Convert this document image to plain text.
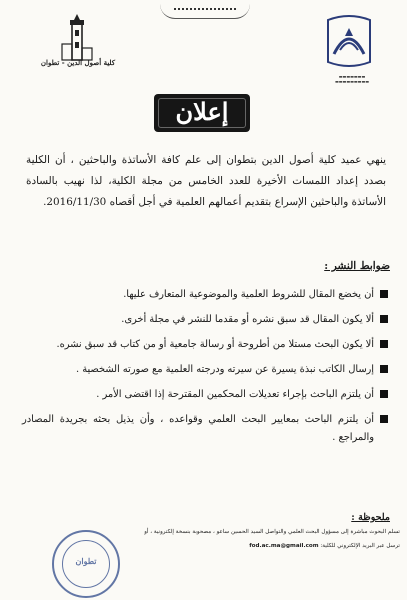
▬▬▬▬▬▬▬
▬▬▬▬▬▬▬▬▬
كلية أصول الدين - تطوان
إعلان
ينهي عميد كلية أصول الدين بتطوان إلى علم كافة الأساتذة والباحثين ، أن الكلية بصدد إعداد اللمسات الأخيرة للعدد الخامس من مجلة الكلية، لذا نهيب بالسادة الأساتذة والباحثين الإسراع بتقديم أعمالهم العلمية في أجل أقصاه 2016/11/30.
ضوابط النشر :
أن يخضع المقال للشروط العلمية والموضوعية المتعارف عليها.
ألا يكون المقال قد سبق نشره أو مقدما للنشر في مجلة أخرى.
ألا يكون البحث مستلا من أطروحة أو رسالة جامعية أو من كتاب قد سبق نشره.
إرسال الكاتب نبذة يسيرة عن سيرته ودرجته العلمية مع صورته الشخصية .
أن يلتزم الباحث بإجراء تعديلات المحكمين المقترحة إذا اقتضى الأمر .
أن يلتزم الباحث بمعايير البحث العلمي وقواعده ، وأن يذيل بحثه بجريدة المصادر والمراجع .
ملحوظة :
تسلم البحوث مباشرة إلى مسؤول البحث العلمي والتواصل السيد الحسين ساعو ، مصحوبة بنسخة إلكترونية ، أو
ترسل عبر البريد الإلكتروني للكلية: fod.ac.ma@gmail.com
تطوان
